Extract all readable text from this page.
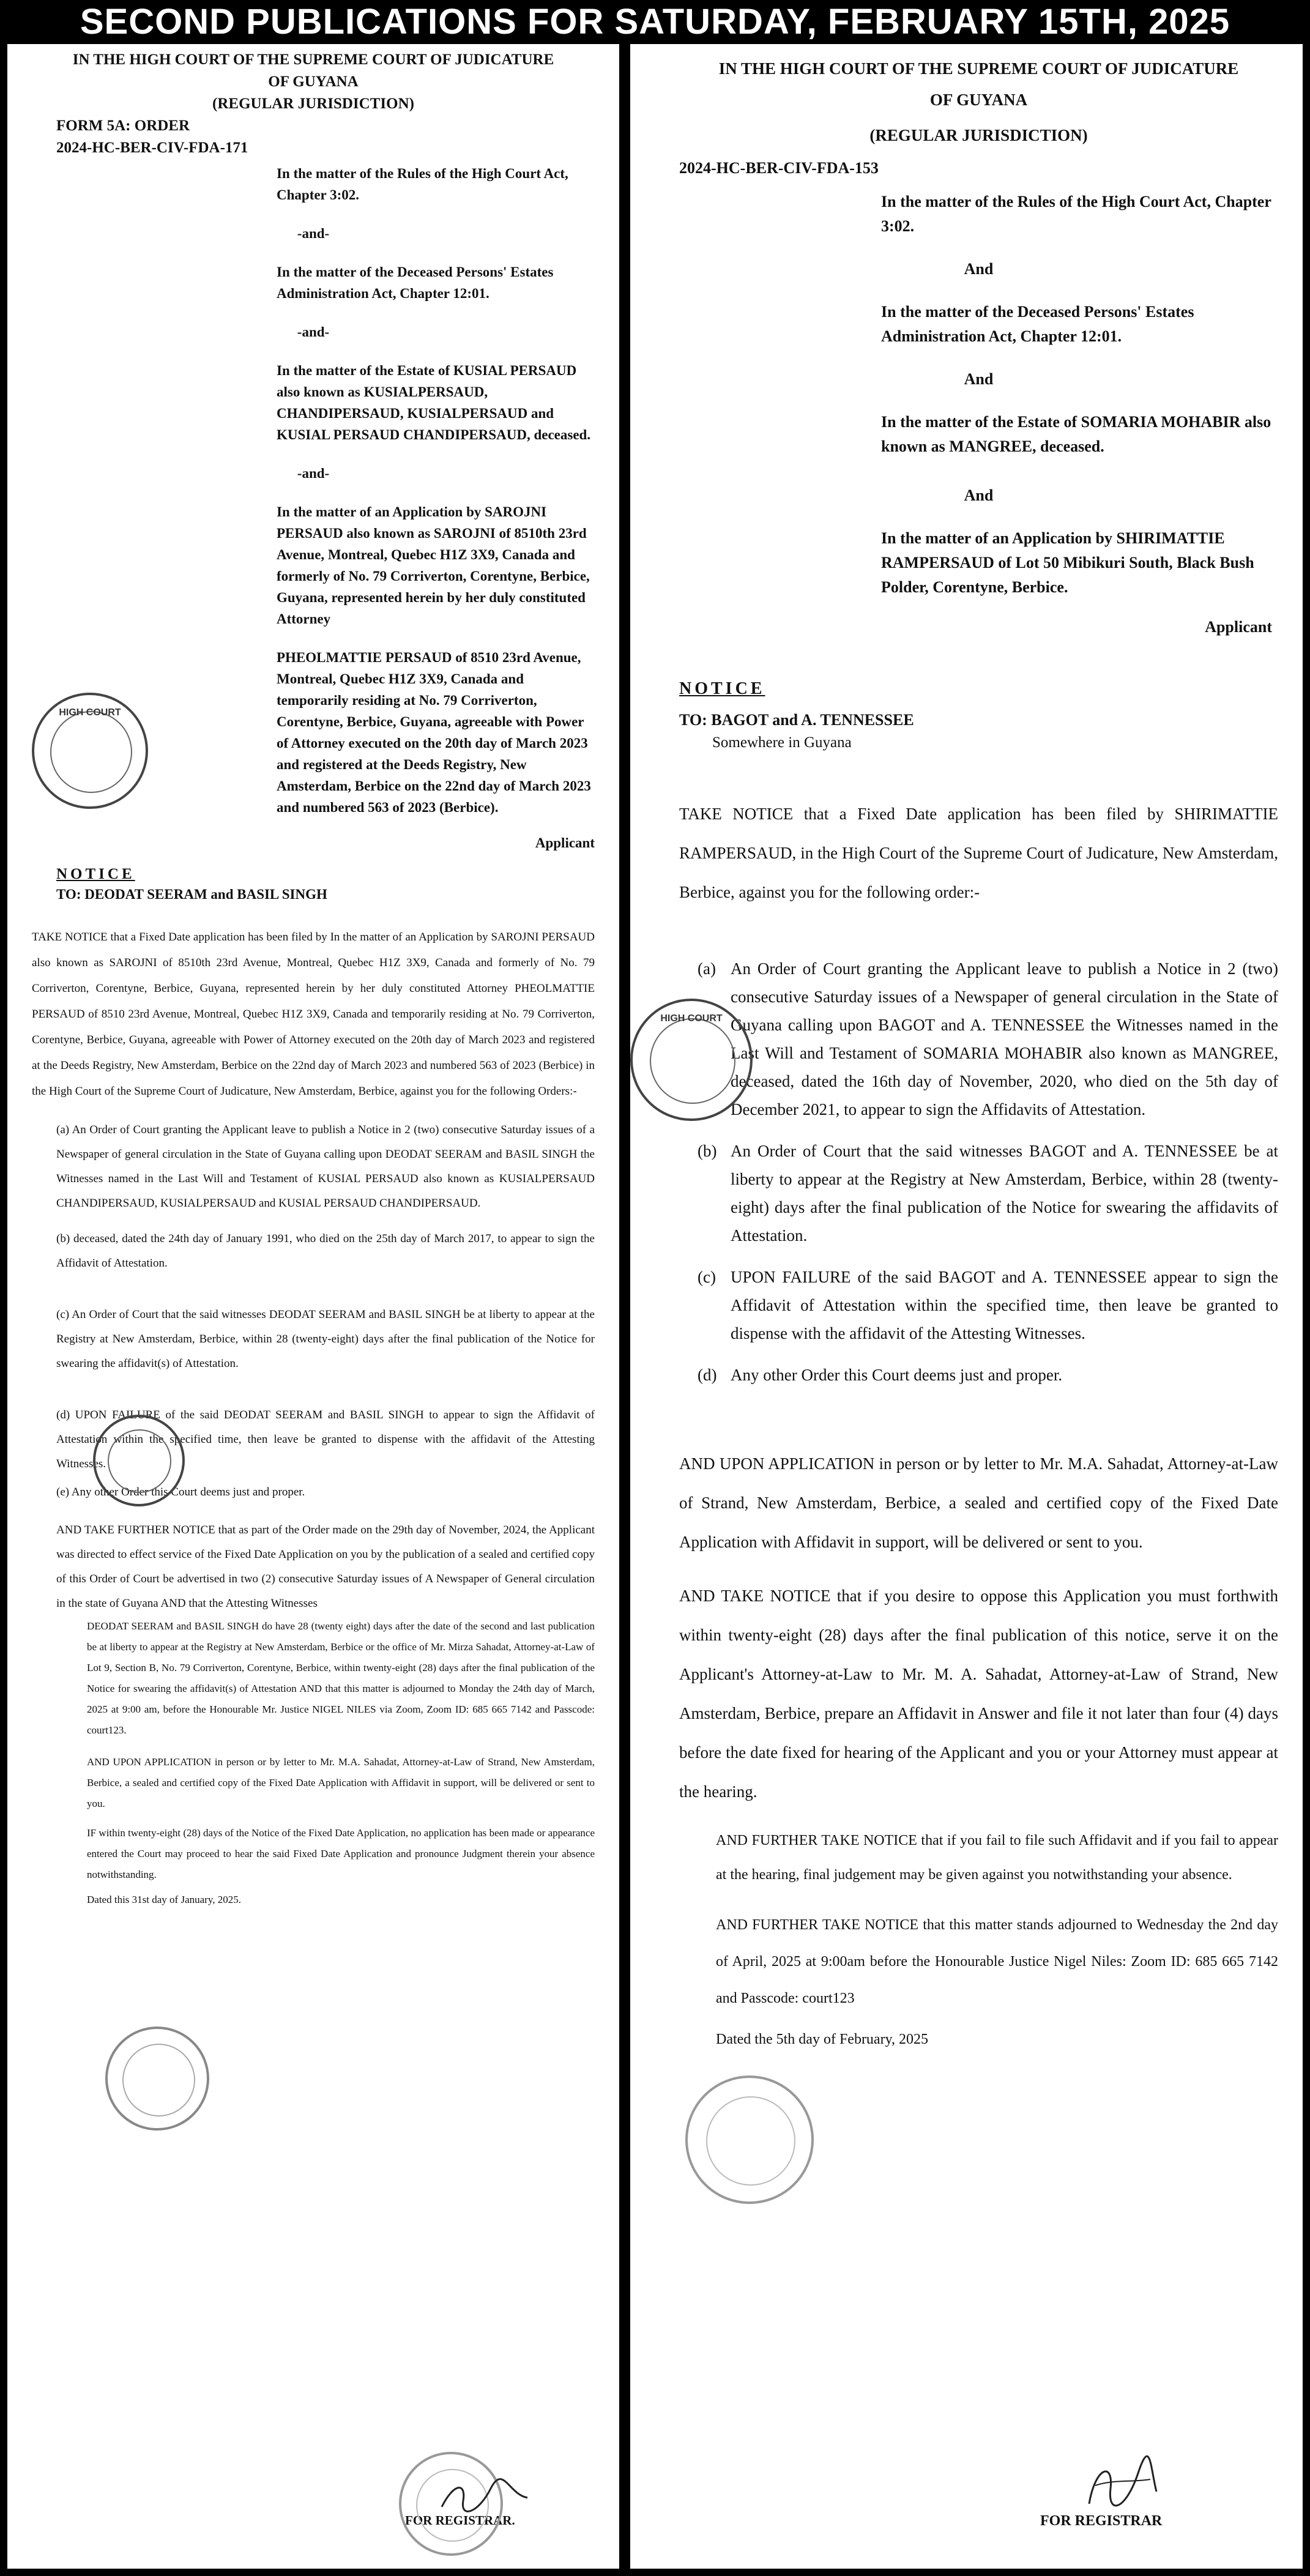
SECOND PUBLICATIONS FOR SATURDAY, FEBRUARY 15TH, 2025

IN THE HIGH COURT OF THE SUPREME COURT OF JUDICATURE

OF GUYANA

(REGULAR JURISDICTION)

FORM 5A: ORDER

2024-HC-BER-CIV-FDA-171

In the matter of the Rules of the High Court Act, Chapter 3:02.

-and-

In the matter of the Deceased Persons' Estates Administration Act, Chapter 12:01.

-and-

In the matter of the Estate of KUSIAL PERSAUD also known as KUSIALPERSAUD, CHANDIPERSAUD, KUSIALPERSAUD and KUSIAL PERSAUD CHANDIPERSAUD, deceased.

-and-

In the matter of an Application by SAROJNI PERSAUD also known as SAROJNI of 8510th 23rd Avenue, Montreal, Quebec H1Z 3X9, Canada and formerly of No. 79 Corriverton, Corentyne, Berbice, Guyana, represented herein by her duly constituted Attorney

PHEOLMATTIE PERSAUD of 8510 23rd Avenue, Montreal, Quebec H1Z 3X9, Canada and temporarily residing at No. 79 Corriverton, Corentyne, Berbice, Guyana, agreeable with Power of Attorney executed on the 20th day of March 2023 and registered at the Deeds Registry, New Amsterdam, Berbice on the 22nd day of March 2023 and numbered 563 of 2023 (Berbice).

Applicant

NOTICE

TO: DEODAT SEERAM and BASIL SINGH

TAKE NOTICE that a Fixed Date application has been filed by In the matter of an Application by SAROJNI PERSAUD also known as SAROJNI of 8510th 23rd Avenue, Montreal, Quebec H1Z 3X9, Canada and formerly of No. 79 Corriverton, Corentyne, Berbice, Guyana, represented herein by her duly constituted Attorney PHEOLMATTIE PERSAUD of 8510 23rd Avenue, Montreal, Quebec H1Z 3X9, Canada and temporarily residing at No. 79 Corriverton, Corentyne, Berbice, Guyana, agreeable with Power of Attorney executed on the 20th day of March 2023 and registered at the Deeds Registry, New Amsterdam, Berbice on the 22nd day of March 2023 and numbered 563 of 2023 (Berbice) in the High Court of the Supreme Court of Judicature, New Amsterdam, Berbice, against you for the following Orders:-

(a) An Order of Court granting the Applicant leave to publish a Notice in 2 (two) consecutive Saturday issues of a Newspaper of general circulation in the State of Guyana calling upon DEODAT SEERAM and BASIL SINGH the Witnesses named in the Last Will and Testament of KUSIAL PERSAUD also known as KUSIALPERSAUD CHANDIPERSAUD, KUSIALPERSAUD and KUSIAL PERSAUD CHANDIPERSAUD.

(b) deceased, dated the 24th day of January 1991, who died on the 25th day of March 2017, to appear to sign the Affidavit of Attestation.

(c) An Order of Court that the said witnesses DEODAT SEERAM and BASIL SINGH be at liberty to appear at the Registry at New Amsterdam, Berbice, within 28 (twenty-eight) days after the final publication of the Notice for swearing the affidavit(s) of Attestation.

(d) UPON FAILURE of the said DEODAT SEERAM and BASIL SINGH to appear to sign the Affidavit of Attestation within the specified time, then leave be granted to dispense with the affidavit of the Attesting Witnesses.

(e) Any other Order this Court deems just and proper.

AND TAKE FURTHER NOTICE that as part of the Order made on the 29th day of November, 2024, the Applicant was directed to effect service of the Fixed Date Application on you by the publication of a sealed and certified copy of this Order of Court be advertised in two (2) consecutive Saturday issues of A Newspaper of General circulation in the state of Guyana AND that the Attesting Witnesses

DEODAT SEERAM and BASIL SINGH do have 28 (twenty eight) days after the date of the second and last publication be at liberty to appear at the Registry at New Amsterdam, Berbice or the office of Mr. Mirza Sahadat, Attorney-at-Law of Lot 9, Section B, No. 79 Corriverton, Corentyne, Berbice, within twenty-eight (28) days after the final publication of the Notice for swearing the affidavit(s) of Attestation AND that this matter is adjourned to Monday the 24th day of March, 2025 at 9:00 am, before the Honourable Mr. Justice NIGEL NILES via Zoom, Zoom ID: 685 665 7142 and Passcode: court123.

AND UPON APPLICATION in person or by letter to Mr. M.A. Sahadat, Attorney-at-Law of Strand, New Amsterdam, Berbice, a sealed and certified copy of the Fixed Date Application with Affidavit in support, will be delivered or sent to you.

IF within twenty-eight (28) days of the Notice of the Fixed Date Application, no application has been made or appearance entered the Court may proceed to hear the said Fixed Date Application and pronounce Judgment therein your absence notwithstanding.

Dated this 31st day of January, 2025.

FOR REGISTRAR.
HIGH COURT

IN THE HIGH COURT OF THE SUPREME COURT OF JUDICATURE

OF GUYANA

(REGULAR JURISDICTION)

2024-HC-BER-CIV-FDA-153

In the matter of the Rules of the High Court Act, Chapter 3:02.

And

In the matter of the Deceased Persons' Estates Administration Act, Chapter 12:01.

And

In the matter of the Estate of SOMARIA MOHABIR also known as MANGREE, deceased.

And

In the matter of an Application by SHIRIMATTIE RAMPERSAUD of Lot 50 Mibikuri South, Black Bush Polder, Corentyne, Berbice.

Applicant

NOTICE

TO: BAGOT and A. TENNESSEE

Somewhere in Guyana

TAKE NOTICE that a Fixed Date application has been filed by SHIRIMATTIE RAMPERSAUD, in the High Court of the Supreme Court of Judicature, New Amsterdam, Berbice, against you for the following order:-

(a) An Order of Court granting the Applicant leave to publish a Notice in 2 (two) consecutive Saturday issues of a Newspaper of general circulation in the State of Guyana calling upon BAGOT and A. TENNESSEE the Witnesses named in the Last Will and Testament of SOMARIA MOHABIR also known as MANGREE, deceased, dated the 16th day of November, 2020, who died on the 5th day of December 2021, to appear to sign the Affidavits of Attestation.
(b) An Order of Court that the said witnesses BAGOT and A. TENNESSEE be at liberty to appear at the Registry at New Amsterdam, Berbice, within 28 (twenty-eight) days after the final publication of the Notice for swearing the affidavits of Attestation.
(c) UPON FAILURE of the said BAGOT and A. TENNESSEE appear to sign the Affidavit of Attestation within the specified time, then leave be granted to dispense with the affidavit of the Attesting Witnesses.
(d) Any other Order this Court deems just and proper.

AND UPON APPLICATION in person or by letter to Mr. M.A. Sahadat, Attorney-at-Law of Strand, New Amsterdam, Berbice, a sealed and certified copy of the Fixed Date Application with Affidavit in support, will be delivered or sent to you.

AND TAKE NOTICE that if you desire to oppose this Application you must forthwith within twenty-eight (28) days after the final publication of this notice, serve it on the Applicant's Attorney-at-Law to Mr. M. A. Sahadat, Attorney-at-Law of Strand, New Amsterdam, Berbice, prepare an Affidavit in Answer and file it not later than four (4) days before the date fixed for hearing of the Applicant and you or your Attorney must appear at the hearing.

AND FURTHER TAKE NOTICE that if you fail to file such Affidavit and if you fail to appear at the hearing, final judgement may be given against you notwithstanding your absence.

AND FURTHER TAKE NOTICE that this matter stands adjourned to Wednesday the 2nd day of April, 2025 at 9:00am before the Honourable Justice Nigel Niles: Zoom ID: 685 665 7142 and Passcode: court123

Dated the 5th day of February, 2025

FOR REGISTRAR
HIGH COURT
